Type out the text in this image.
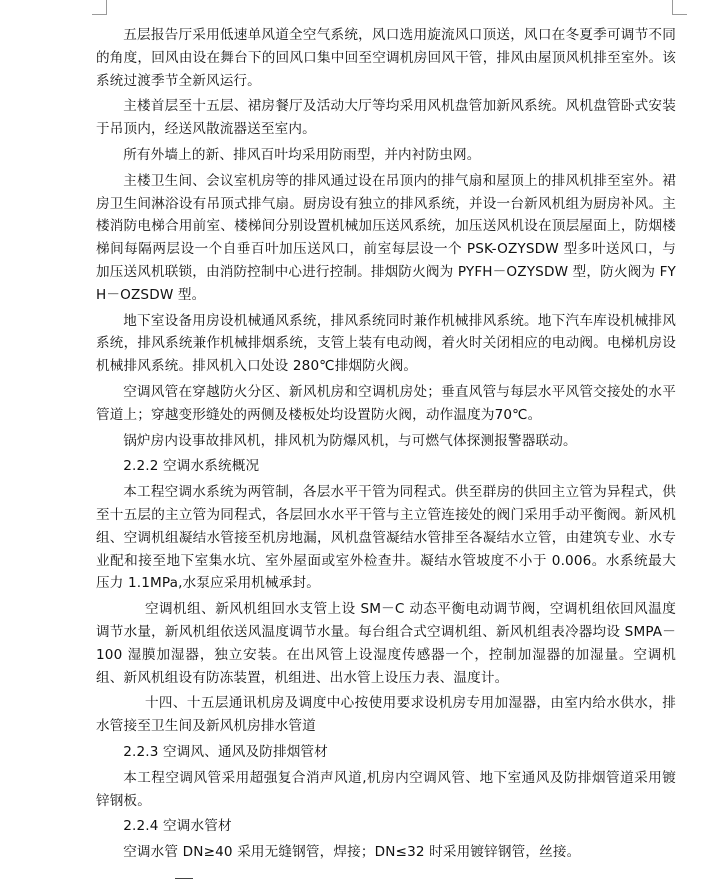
五层报告厅采用低速单风道全空气系统，风口选用旋流风口顶送，风口在冬夏季可调节不同的角度，回风由设在舞台下的回风口集中回至空调机房回风干管，排风由屋顶风机排至室外。该系统过渡季节全新风运行。

主楼首层至十五层、裙房餐厅及活动大厅等均采用风机盘管加新风系统。风机盘管卧式安装于吊顶内，经送风散流器送至室内。

所有外墙上的新、排风百叶均采用防雨型，并内衬防虫网。

主楼卫生间、会议室机房等的排风通过设在吊顶内的排气扇和屋顶上的排风机排至室外。裙房卫生间淋浴设有吊顶式排气扇。厨房设有独立的排风系统，并设一台新风机组为厨房补风。主楼消防电梯合用前室、楼梯间分别设置机械加压送风系统，加压送风机设在顶层屋面上，防烟楼梯间每隔两层设一个自垂百叶加压送风口，前室每层设一个 PSK-OZYSDW 型多叶送风口，与加压送风机联锁，由消防控制中心进行控制。排烟防火阀为 PYFH－OZYSDW 型，防火阀为 FYH－OZSDW 型。

地下室设备用房设机械通风系统，排风系统同时兼作机械排风系统。地下汽车库设机械排风系统，排风系统兼作机械排烟系统，支管上装有电动阀，着火时关闭相应的电动阀。电梯机房设机械排风系统。排风机入口处设 280℃排烟防火阀。

空调风管在穿越防火分区、新风机房和空调机房处；垂直风管与每层水平风管交接处的水平管道上；穿越变形缝处的两侧及楼板处均设置防火阀，动作温度为70℃。

锅炉房内设事故排风机，排风机为防爆风机，与可燃气体探测报警器联动。

2.2.2 空调水系统概况

本工程空调水系统为两管制，各层水平干管为同程式。供至群房的供回主立管为异程式，供至十五层的主立管为同程式，各层回水水平干管与主立管连接处的阀门采用手动平衡阀。新风机组、空调机组凝结水管接至机房地漏，风机盘管凝结水管排至各凝结水立管，由建筑专业、水专业配和接至地下室集水坑、室外屋面或室外检查井。凝结水管坡度不小于 0.006。水系统最大压力 1.1MPa,水泵应采用机械承封。

空调机组、新风机组回水支管上设 SM－C 动态平衡电动调节阀，空调机组依回风温度调节水量，新风机组依送风温度调节水量。每台组合式空调机组、新风机组表冷器均设 SMPA－100 湿膜加湿器，独立安装。在出风管上设湿度传感器一个，控制加湿器的加湿量。空调机组、新风机组设有防冻装置，机组进、出水管上设压力表、温度计。

十四、十五层通讯机房及调度中心按使用要求设机房专用加湿器，由室内给水供水，排水管接至卫生间及新风机房排水管道

2.2.3 空调风、通风及防排烟管材

本工程空调风管采用超强复合消声风道,机房内空调风管、地下室通风及防排烟管道采用镀锌钢板。

2.2.4 空调水管材

空调水管 DN≥40 采用无缝钢管，焊接；DN≤32 时采用镀锌钢管，丝接。
